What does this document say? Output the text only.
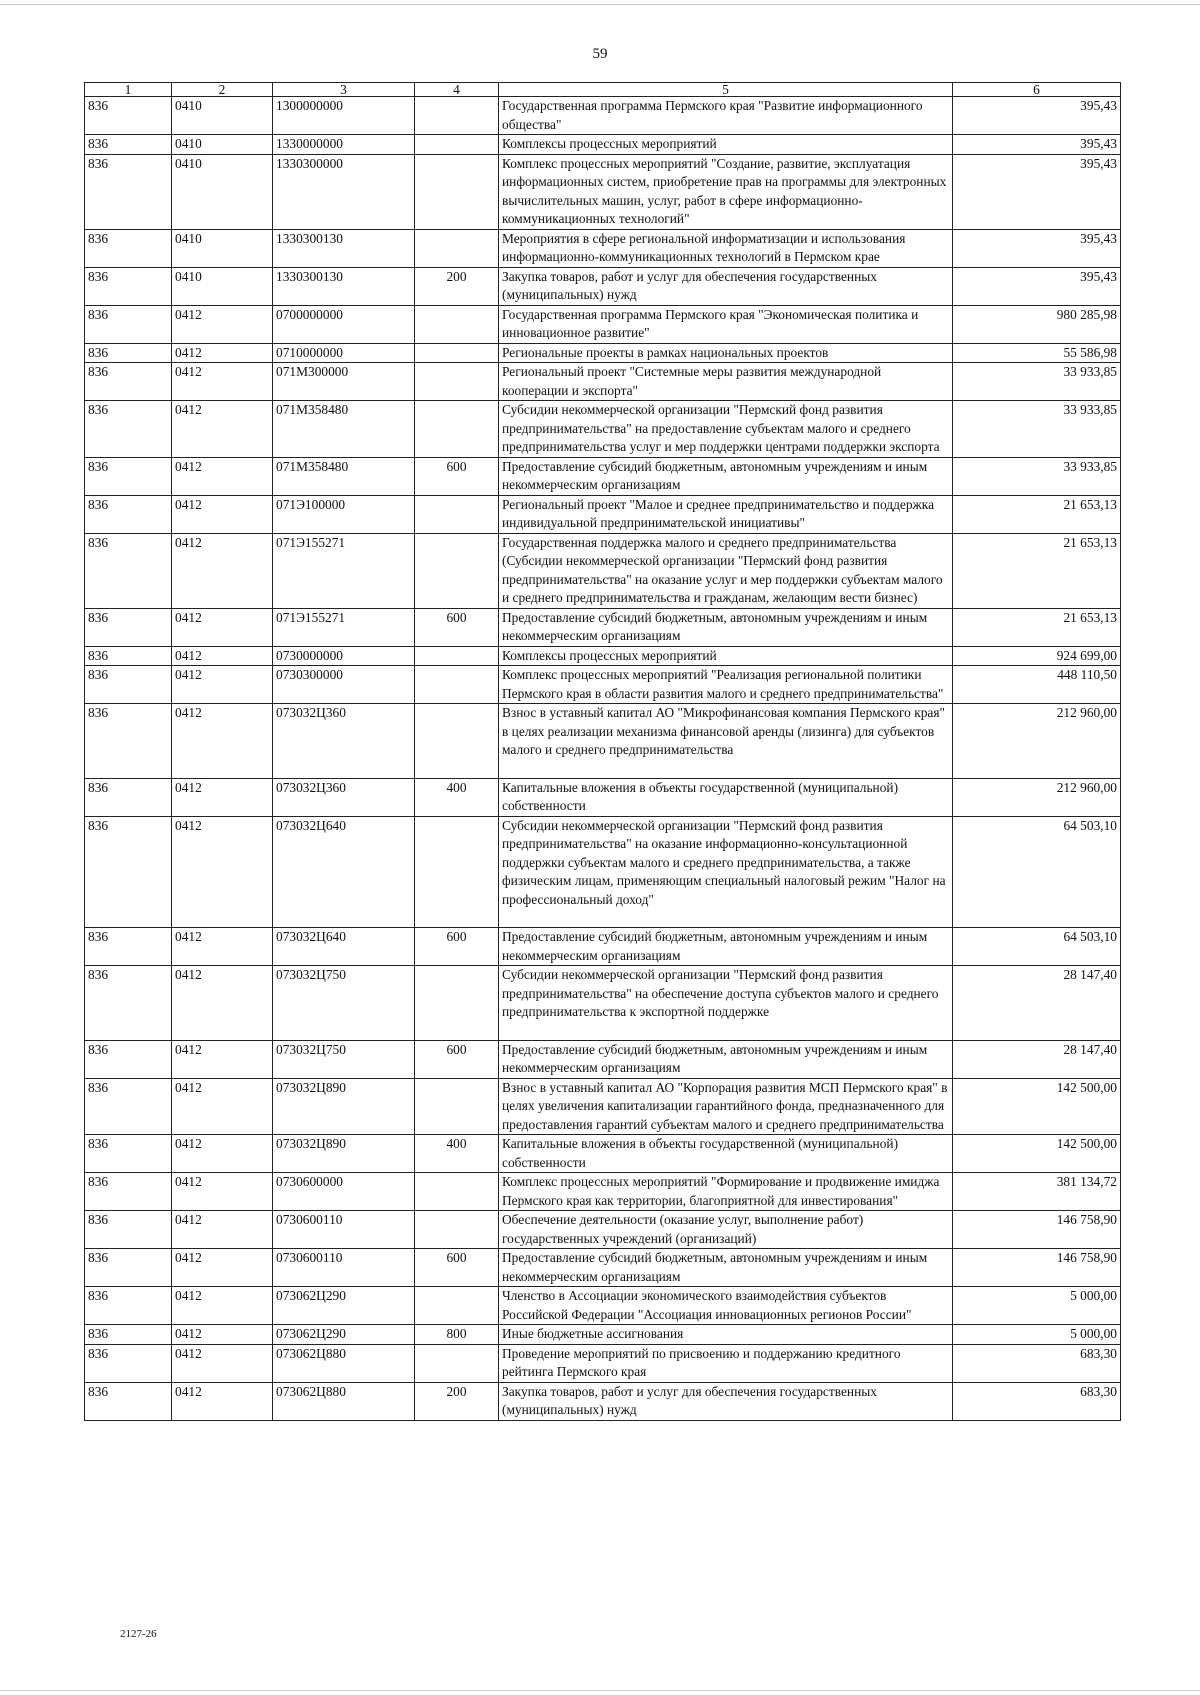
59
1	2	3	4	5	6
836	0410	1300000000		Государственная программа Пермского края "Развитие информационного общества"	395,43
836	0410	1330000000		Комплексы процессных мероприятий	395,43
836	0410	1330300000		Комплекс процессных мероприятий "Создание, развитие, эксплуатация информационных систем, приобретение прав на программы для электронных вычислительных машин, услуг, работ в сфере информационно-коммуникационных технологий"	395,43
836	0410	1330300130		Мероприятия в сфере региональной информатизации и использования информационно-коммуникационных технологий в Пермском крае	395,43
836	0410	1330300130	200	Закупка товаров, работ и услуг для обеспечения государственных (муниципальных) нужд	395,43
836	0412	0700000000		Государственная программа Пермского края "Экономическая политика и инновационное развитие"	980 285,98
836	0412	0710000000		Региональные проекты в рамках национальных проектов	55 586,98
836	0412	071М300000		Региональный проект "Системные меры развития международной кооперации и экспорта"	33 933,85
836	0412	071М358480		Субсидии некоммерческой организации "Пермский фонд развития предпринимательства" на предоставление субъектам малого и среднего предпринимательства услуг и мер поддержки центрами поддержки экспорта	33 933,85
836	0412	071М358480	600	Предоставление субсидий бюджетным, автономным учреждениям и иным некоммерческим организациям	33 933,85
836	0412	071Э100000		Региональный проект "Малое и среднее предпринимательство и поддержка индивидуальной предпринимательской инициативы"	21 653,13
836	0412	071Э155271		Государственная поддержка малого и среднего предпринимательства (Субсидии некоммерческой организации "Пермский фонд развития предпринимательства" на оказание услуг и мер поддержки субъектам малого и среднего предпринимательства и гражданам, желающим вести бизнес)	21 653,13
836	0412	071Э155271	600	Предоставление субсидий бюджетным, автономным учреждениям и иным некоммерческим организациям	21 653,13
836	0412	0730000000		Комплексы процессных мероприятий	924 699,00
836	0412	0730300000		Комплекс процессных мероприятий "Реализация региональной политики Пермского края в области развития малого и среднего предпринимательства"	448 110,50
836	0412	073032Ц360		Взнос в уставный капитал АО "Микрофинансовая компания Пермского края" в целях реализации механизма финансовой аренды (лизинга) для субъектов малого и среднего предпринимательства	212 960,00
836	0412	073032Ц360	400	Капитальные вложения в объекты государственной (муниципальной) собственности	212 960,00
836	0412	073032Ц640		Субсидии некоммерческой организации "Пермский фонд развития предпринимательства" на оказание информационно-консультационной поддержки субъектам малого и среднего предпринимательства, а также физическим лицам, применяющим специальный налоговый режим "Налог на профессиональный доход"	64 503,10
836	0412	073032Ц640	600	Предоставление субсидий бюджетным, автономным учреждениям и иным некоммерческим организациям	64 503,10
836	0412	073032Ц750		Субсидии некоммерческой организации "Пермский фонд развития предпринимательства" на обеспечение доступа субъектов малого и среднего предпринимательства к экспортной поддержке	28 147,40
836	0412	073032Ц750	600	Предоставление субсидий бюджетным, автономным учреждениям и иным некоммерческим организациям	28 147,40
836	0412	073032Ц890		Взнос в уставный капитал АО "Корпорация развития МСП Пермского края" в целях увеличения капитализации гарантийного фонда, предназначенного для предоставления гарантий субъектам малого и среднего предпринимательства	142 500,00
836	0412	073032Ц890	400	Капитальные вложения в объекты государственной (муниципальной) собственности	142 500,00
836	0412	0730600000		Комплекс процессных мероприятий "Формирование и продвижение имиджа Пермского края как территории, благоприятной для инвестирования"	381 134,72
836	0412	0730600110		Обеспечение деятельности (оказание услуг, выполнение работ) государственных учреждений (организаций)	146 758,90
836	0412	0730600110	600	Предоставление субсидий бюджетным, автономным учреждениям и иным некоммерческим организациям	146 758,90
836	0412	073062Ц290		Членство в Ассоциации экономического взаимодействия субъектов Российской Федерации "Ассоциация инновационных регионов России"	5 000,00
836	0412	073062Ц290	800	Иные бюджетные ассигнования	5 000,00
836	0412	073062Ц880		Проведение мероприятий по присвоению и поддержанию кредитного рейтинга Пермского края	683,30
836	0412	073062Ц880	200	Закупка товаров, работ и услуг для обеспечения государственных (муниципальных) нужд	683,30
2127-26
